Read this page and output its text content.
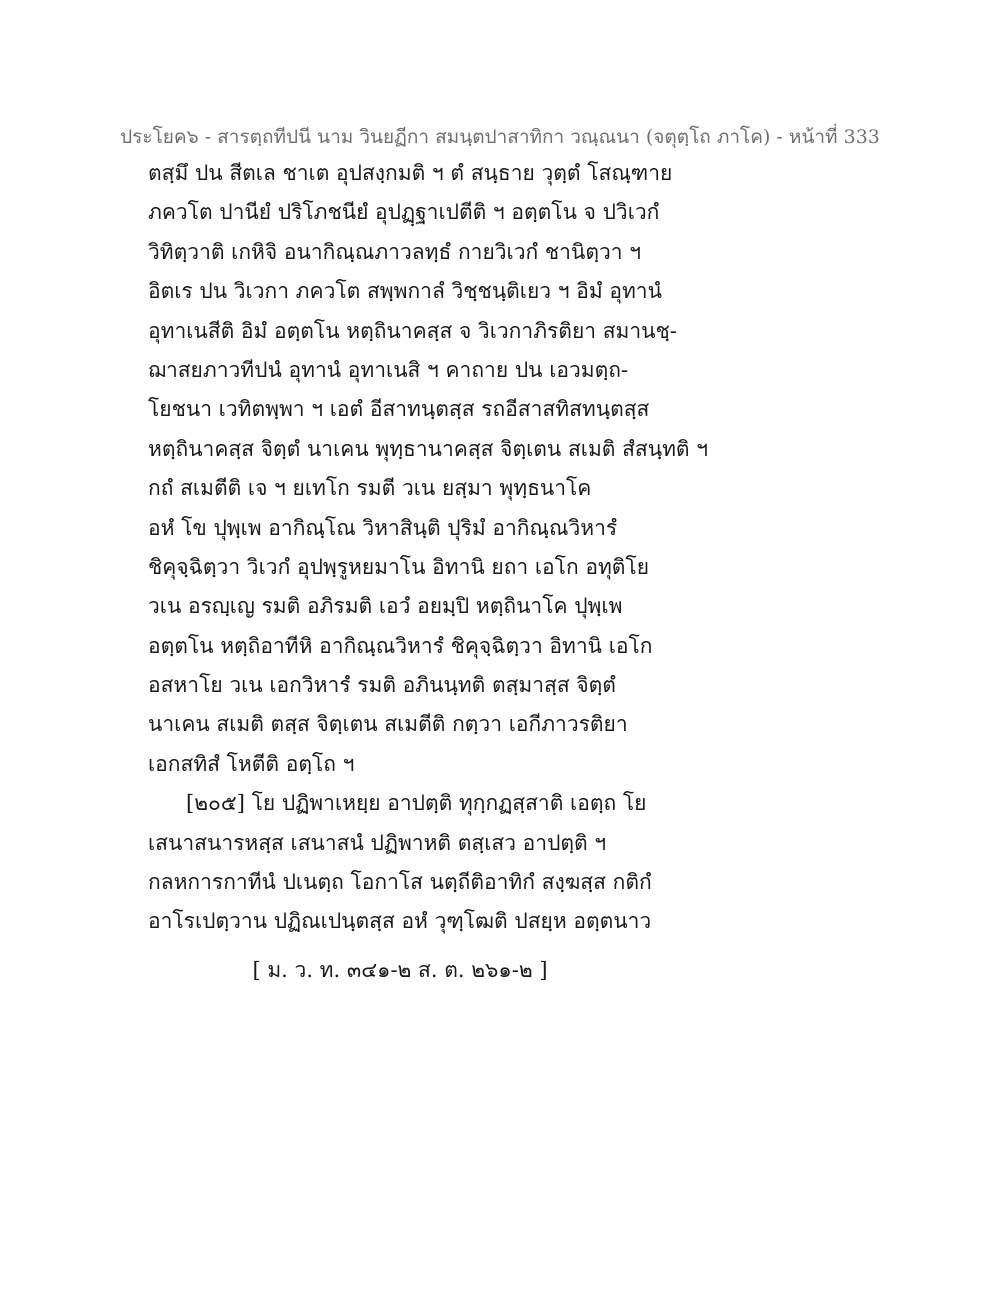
ประโยค๖ - สารตฺถทีปนี นาม วินยฏีกา สมนฺตปาสาทิกา วณฺณนา (จตุตฺโถ ภาโค) - หน้าที่ 333
ตสฺมึ ปน สีตเล ชาเต อุปสงฺกมติ ฯ ตํ สนฺธาย วุตฺตํ โสณฺฑาย
ภควโต ปานียํ ปริโภชนียํ อุปฏฺฐาเปตีติ ฯ อตฺตโน จ ปวิเวกํ
วิทิตฺวาติ เกหิจิ อนากิณฺณภาวลทฺธํ กายวิเวกํ ชานิตฺวา ฯ
อิตเร ปน วิเวกา ภควโต สพฺพกาลํ วิชฺชนฺติเยว ฯ อิมํ อุทานํ
อุทาเนสีติ อิมํ อตฺตโน หตฺถินาคสฺส จ วิเวกาภิรติยา สมานชฺ-
ฌาสยภาวทีปนํ อุทานํ อุทาเนสิ ฯ คาถาย ปน เอวมตฺถ-
โยชนา เวทิตพฺพา ฯ เอตํ อีสาทนฺตสฺส รถอีสาสทิสทนฺตสฺส
หตฺถินาคสฺส จิตฺตํ นาเคน พุทฺธานาคสฺส จิตฺเตน สเมติ สํสนฺทติ ฯ
กถํ สเมตีติ เจ ฯ ยเทโก รมตี วเน ยสฺมา พุทฺธนาโค
อหํ โข ปุพฺเพ อากิณฺโณ วิหาสินฺติ ปุริมํ อากิณฺณวิหารํ
ชิคุจฺฉิตฺวา วิเวกํ อุปพฺรูหยมาโน อิทานิ ยถา เอโก อทุติโย
วเน อรญฺเญ รมติ อภิรมติ เอวํ อยมฺปิ หตฺถินาโค ปุพฺเพ
อตฺตโน หตฺถิอาทีหิ อากิณฺณวิหารํ ชิคุจฺฉิตฺวา อิทานิ เอโก
อสหาโย วเน เอกวิหารํ รมติ อภินนฺทติ ตสฺมาสฺส จิตฺตํ
นาเคน สเมติ ตสฺส จิตฺเตน สเมตีติ กตฺวา เอกีภาวรติยา
เอกสทิสํ โหตีติ อตฺโถ ฯ
[๒๐๕] โย ปฏิพาเหยฺย อาปตฺติ ทุกฺกฏสฺสาติ เอตฺถ โย
เสนาสนารหสฺส เสนาสนํ ปฏิพาหติ ตสฺเสว อาปตฺติ ฯ
กลหการกาทีนํ ปเนตฺถ โอกาโส นตฺถีติอาทิกํ สงฺฆสฺส กติกํ
อาโรเปตฺวาน ปฏิณเปนฺตสฺส อหํ วุฑฺโฒติ ปสยฺห อตฺตนาว
[ ม. ว. ท. ๓๔๑-๒ ส. ต. ๒๖๑-๒ ]
